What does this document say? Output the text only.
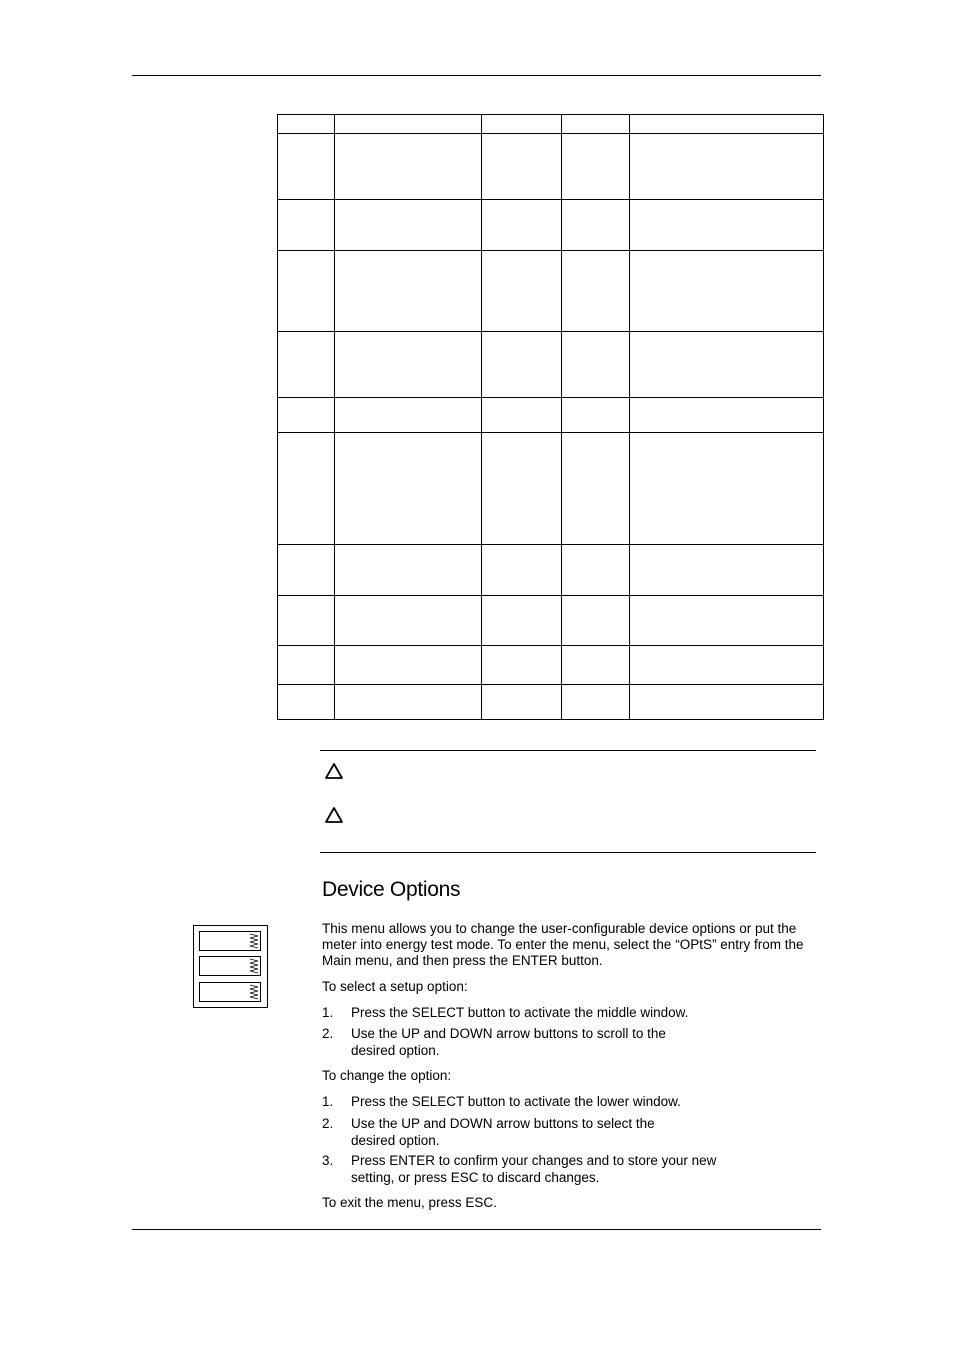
Device Options

This menu allows you to change the user-configurable device options or put the meter into energy test mode. To enter the menu, select the “OPtS” entry from the Main menu, and then press the ENTER button.

To select a setup option:

1. Press the SELECT button to activate the middle window.
2. Use the UP and DOWN arrow buttons to scroll to the desired option.

To change the option:

1. Press the SELECT button to activate the lower window.
2. Use the UP and DOWN arrow buttons to select the desired option.
3. Press ENTER to confirm your changes and to store your new setting, or press ESC to discard changes.

To exit the menu, press ESC.
